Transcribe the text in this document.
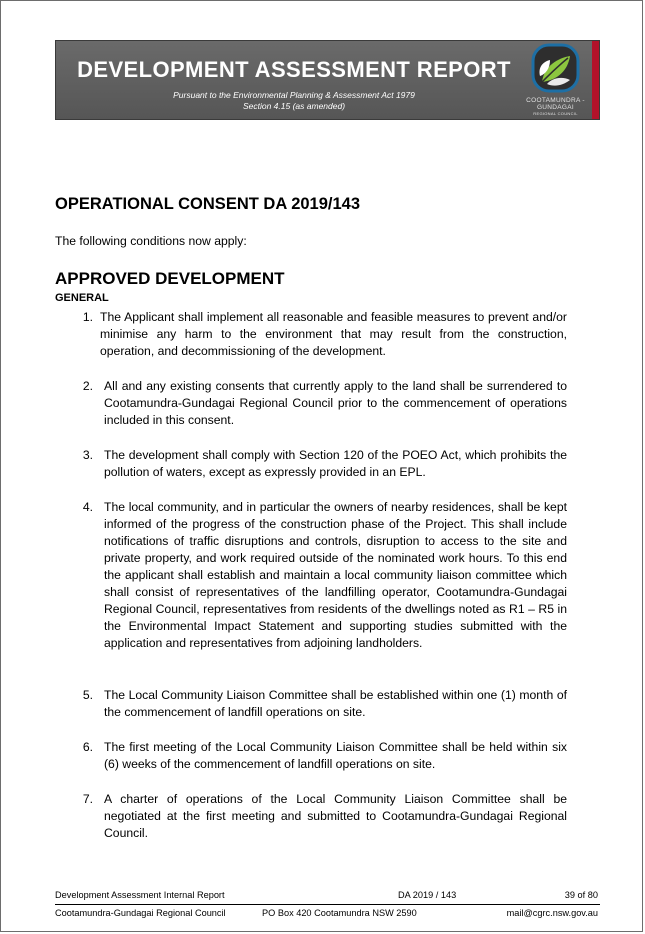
DEVELOPMENT ASSESSMENT REPORT
Pursuant to the Environmental Planning & Assessment Act 1979
Section 4.15 (as amended)
COOTAMUNDRA -
GUNDAGAI
REGIONAL COUNCIL
OPERATIONAL CONSENT DA 2019/143
The following conditions now apply:
APPROVED DEVELOPMENT
GENERAL
1. The Applicant shall implement all reasonable and feasible measures to prevent and/or minimise any harm to the environment that may result from the construction, operation, and decommissioning of the development.
2. All and any existing consents that currently apply to the land shall be surrendered to Cootamundra-Gundagai Regional Council prior to the commencement of operations included in this consent.
3. The development shall comply with Section 120 of the POEO Act, which prohibits the pollution of waters, except as expressly provided in an EPL.
4. The local community, and in particular the owners of nearby residences, shall be kept informed of the progress of the construction phase of the Project. This shall include notifications of traffic disruptions and controls, disruption to access to the site and private property, and work required outside of the nominated work hours. To this end the applicant shall establish and maintain a local community liaison committee which shall consist of representatives of the landfilling operator, Cootamundra-Gundagai Regional Council, representatives from residents of the dwellings noted as R1 – R5 in the Environmental Impact Statement and supporting studies submitted with the application and representatives from adjoining landholders.
5. The Local Community Liaison Committee shall be established within one (1) month of the commencement of landfill operations on site.
6. The first meeting of the Local Community Liaison Committee shall be held within six (6) weeks of the commencement of landfill operations on site.
7. A charter of operations of the Local Community Liaison Committee shall be negotiated at the first meeting and submitted to Cootamundra-Gundagai Regional Council.
Development Assessment Internal Report	DA 2019 / 143	39 of 80
Cootamundra-Gundagai Regional Council	PO Box 420 Cootamundra NSW 2590	mail@cgrc.nsw.gov.au
